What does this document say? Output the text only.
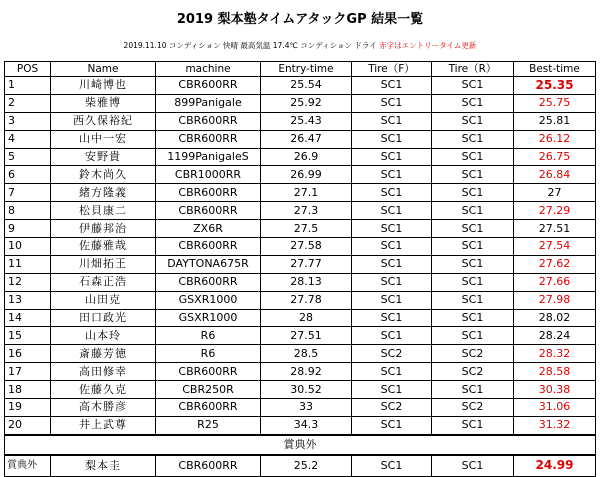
2019 梨本塾タイムアタックGP 結果一覧
2019.11.10 コンディション 快晴 最高気温 17.4℃ コンディション ドライ 赤字はエントリータイム更新
POS	Name	machine	Entry-time	Tire（F）	Tire（R）	Best-time
1	川崎博也	CBR600RR	25.54	SC1	SC1	25.35
2	柴雅博	899Panigale	25.92	SC1	SC1	25.75
3	西久保裕紀	CBR600RR	25.43	SC1	SC1	25.81
4	山中一宏	CBR600RR	26.47	SC1	SC1	26.12
5	安野貴	1199PanigaleS	26.9	SC1	SC1	26.75
6	鈴木尚久	CBR1000RR	26.99	SC1	SC1	26.84
7	緒方隆義	CBR600RR	27.1	SC1	SC1	27
8	松貝康二	CBR600RR	27.3	SC1	SC1	27.29
9	伊藤邦治	ZX6R	27.5	SC1	SC1	27.51
10	佐藤雅哉	CBR600RR	27.58	SC1	SC1	27.54
11	川畑拓王	DAYTONA675R	27.77	SC1	SC1	27.62
12	石森正浩	CBR600RR	28.13	SC1	SC1	27.66
13	山田克	GSXR1000	27.78	SC1	SC1	27.98
14	田口政光	GSXR1000	28	SC1	SC1	28.02
15	山本玲	R6	27.51	SC1	SC1	28.24
16	斎藤芳徳	R6	28.5	SC2	SC2	28.32
17	高田修幸	CBR600RR	28.92	SC1	SC2	28.58
18	佐藤久克	CBR250R	30.52	SC1	SC1	30.38
19	高木勝彦	CBR600RR	33	SC2	SC2	31.06
20	井上武尊	R25	34.3	SC1	SC1	31.32
賞典外						
賞典外	梨本圭	CBR600RR	25.2	SC1	SC1	24.99
